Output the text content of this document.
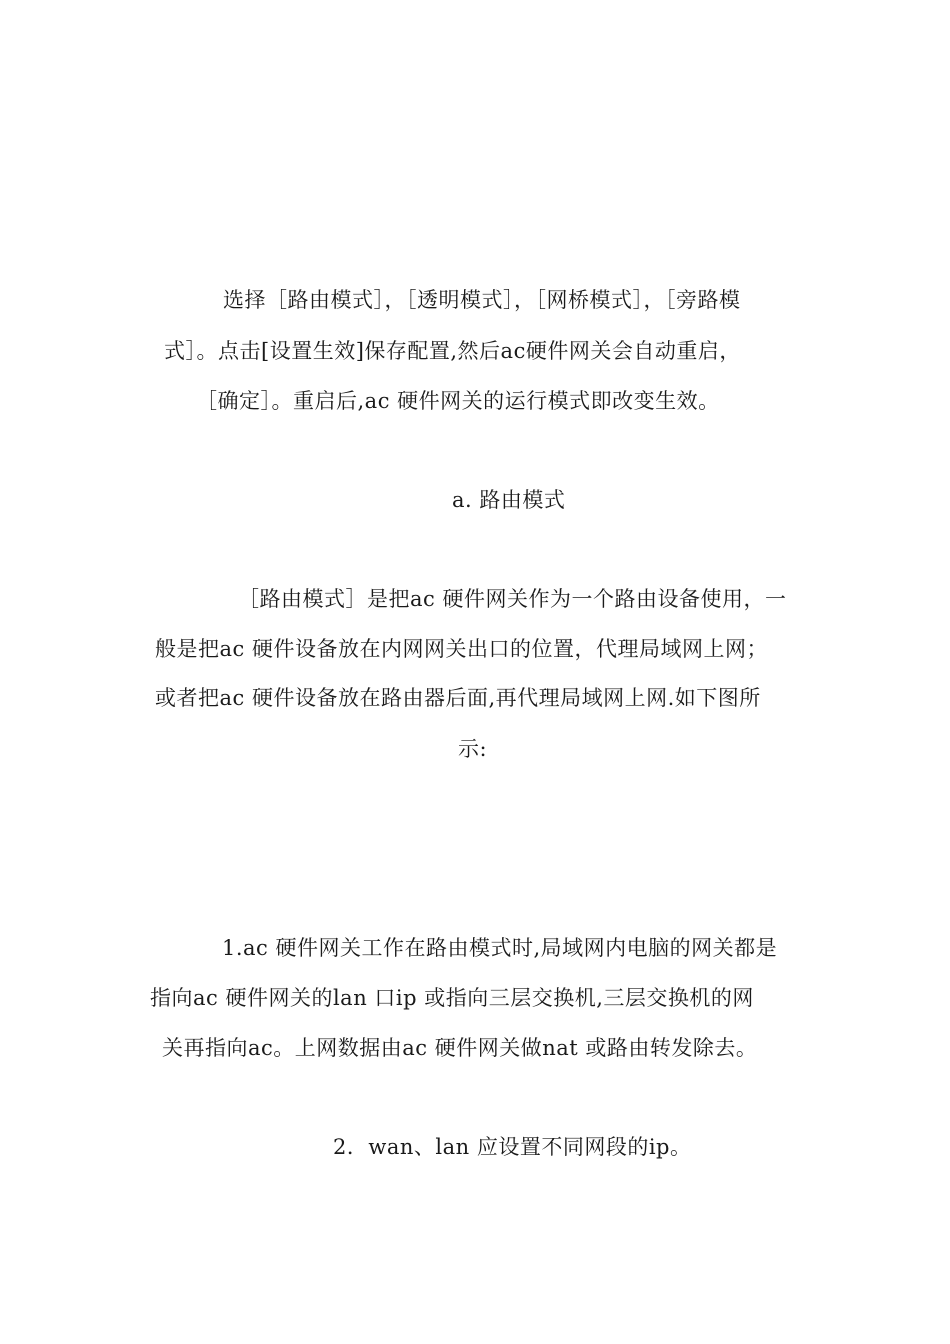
选择［路由模式］，［透明模式］，［网桥模式］，［旁路模
式］。点击[设置生效]保存配置,然后ac硬件网关会自动重启，
［确定］。重启后,ac 硬件网关的运行模式即改变生效。
a. 路由模式
［路由模式］是把ac 硬件网关作为一个路由设备使用，一
般是把ac 硬件设备放在内网网关出口的位置，代理局域网上网；
或者把ac 硬件设备放在路由器后面,再代理局域网上网.如下图所
示:
1.ac 硬件网关工作在路由模式时,局域网内电脑的网关都是
指向ac 硬件网关的lan 口ip 或指向三层交换机,三层交换机的网
关再指向ac。上网数据由ac 硬件网关做nat 或路由转发除去。
2．wan、lan 应设置不同网段的ip。
